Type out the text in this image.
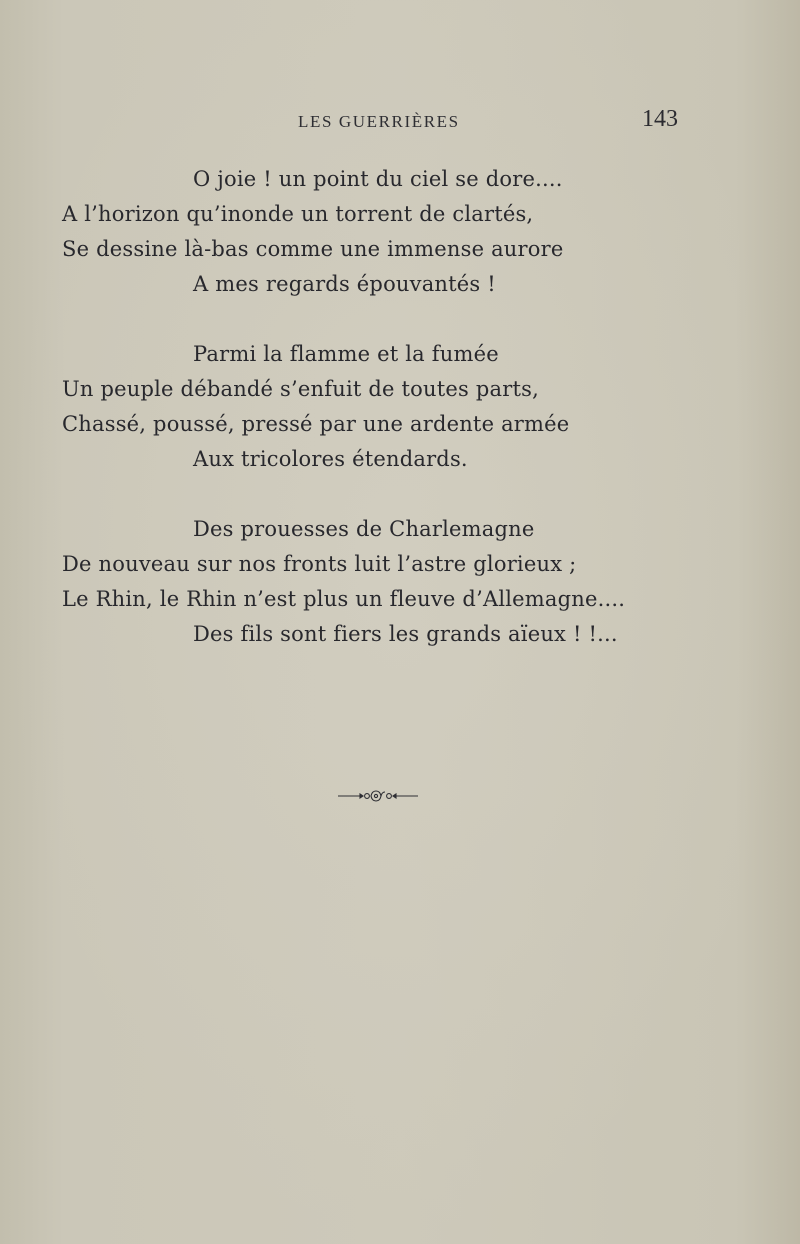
LES GUERRIÈRES	143
O joie ! un point du ciel se dore....
A l’horizon qu’inonde un torrent de clartés,
Se dessine là-bas comme une immense aurore
A mes regards épouvantés !
Parmi la flamme et la fumée
Un peuple débandé s’enfuit de toutes parts,
Chassé, poussé, pressé par une ardente armée
Aux tricolores étendards.
Des prouesses de Charlemagne
De nouveau sur nos fronts luit l’astre glorieux ;
Le Rhin, le Rhin n’est plus un fleuve d’Allemagne....
Des fils sont fiers les grands aïeux ! !...
